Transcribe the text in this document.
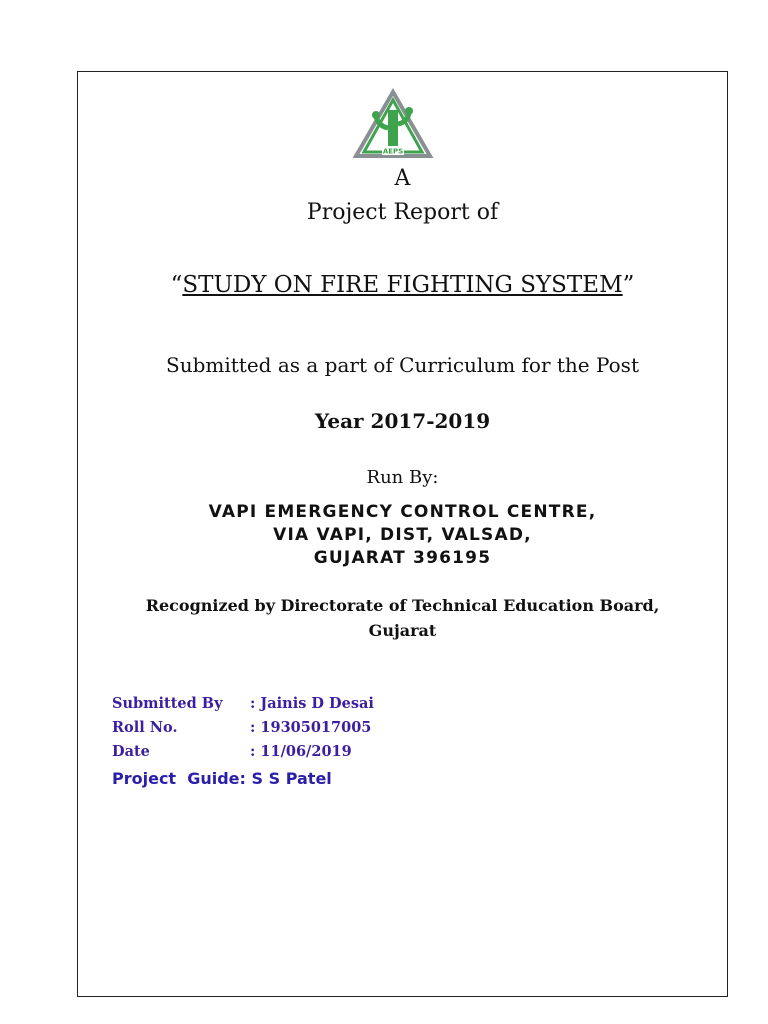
AEPS
A
Project Report of
“STUDY ON FIRE FIGHTING SYSTEM”
Submitted as a part of Curriculum for the Post
Year 2017-2019
Run By:
VAPI EMERGENCY CONTROL CENTRE,
VIA VAPI, DIST, VALSAD,
GUJARAT 396195
Recognized by Directorate of Technical Education Board,
Gujarat
Submitted By : Jainis D Desai
Roll No.	: 19305017005
Date	: 11/06/2019
Project  Guide: S S Patel
